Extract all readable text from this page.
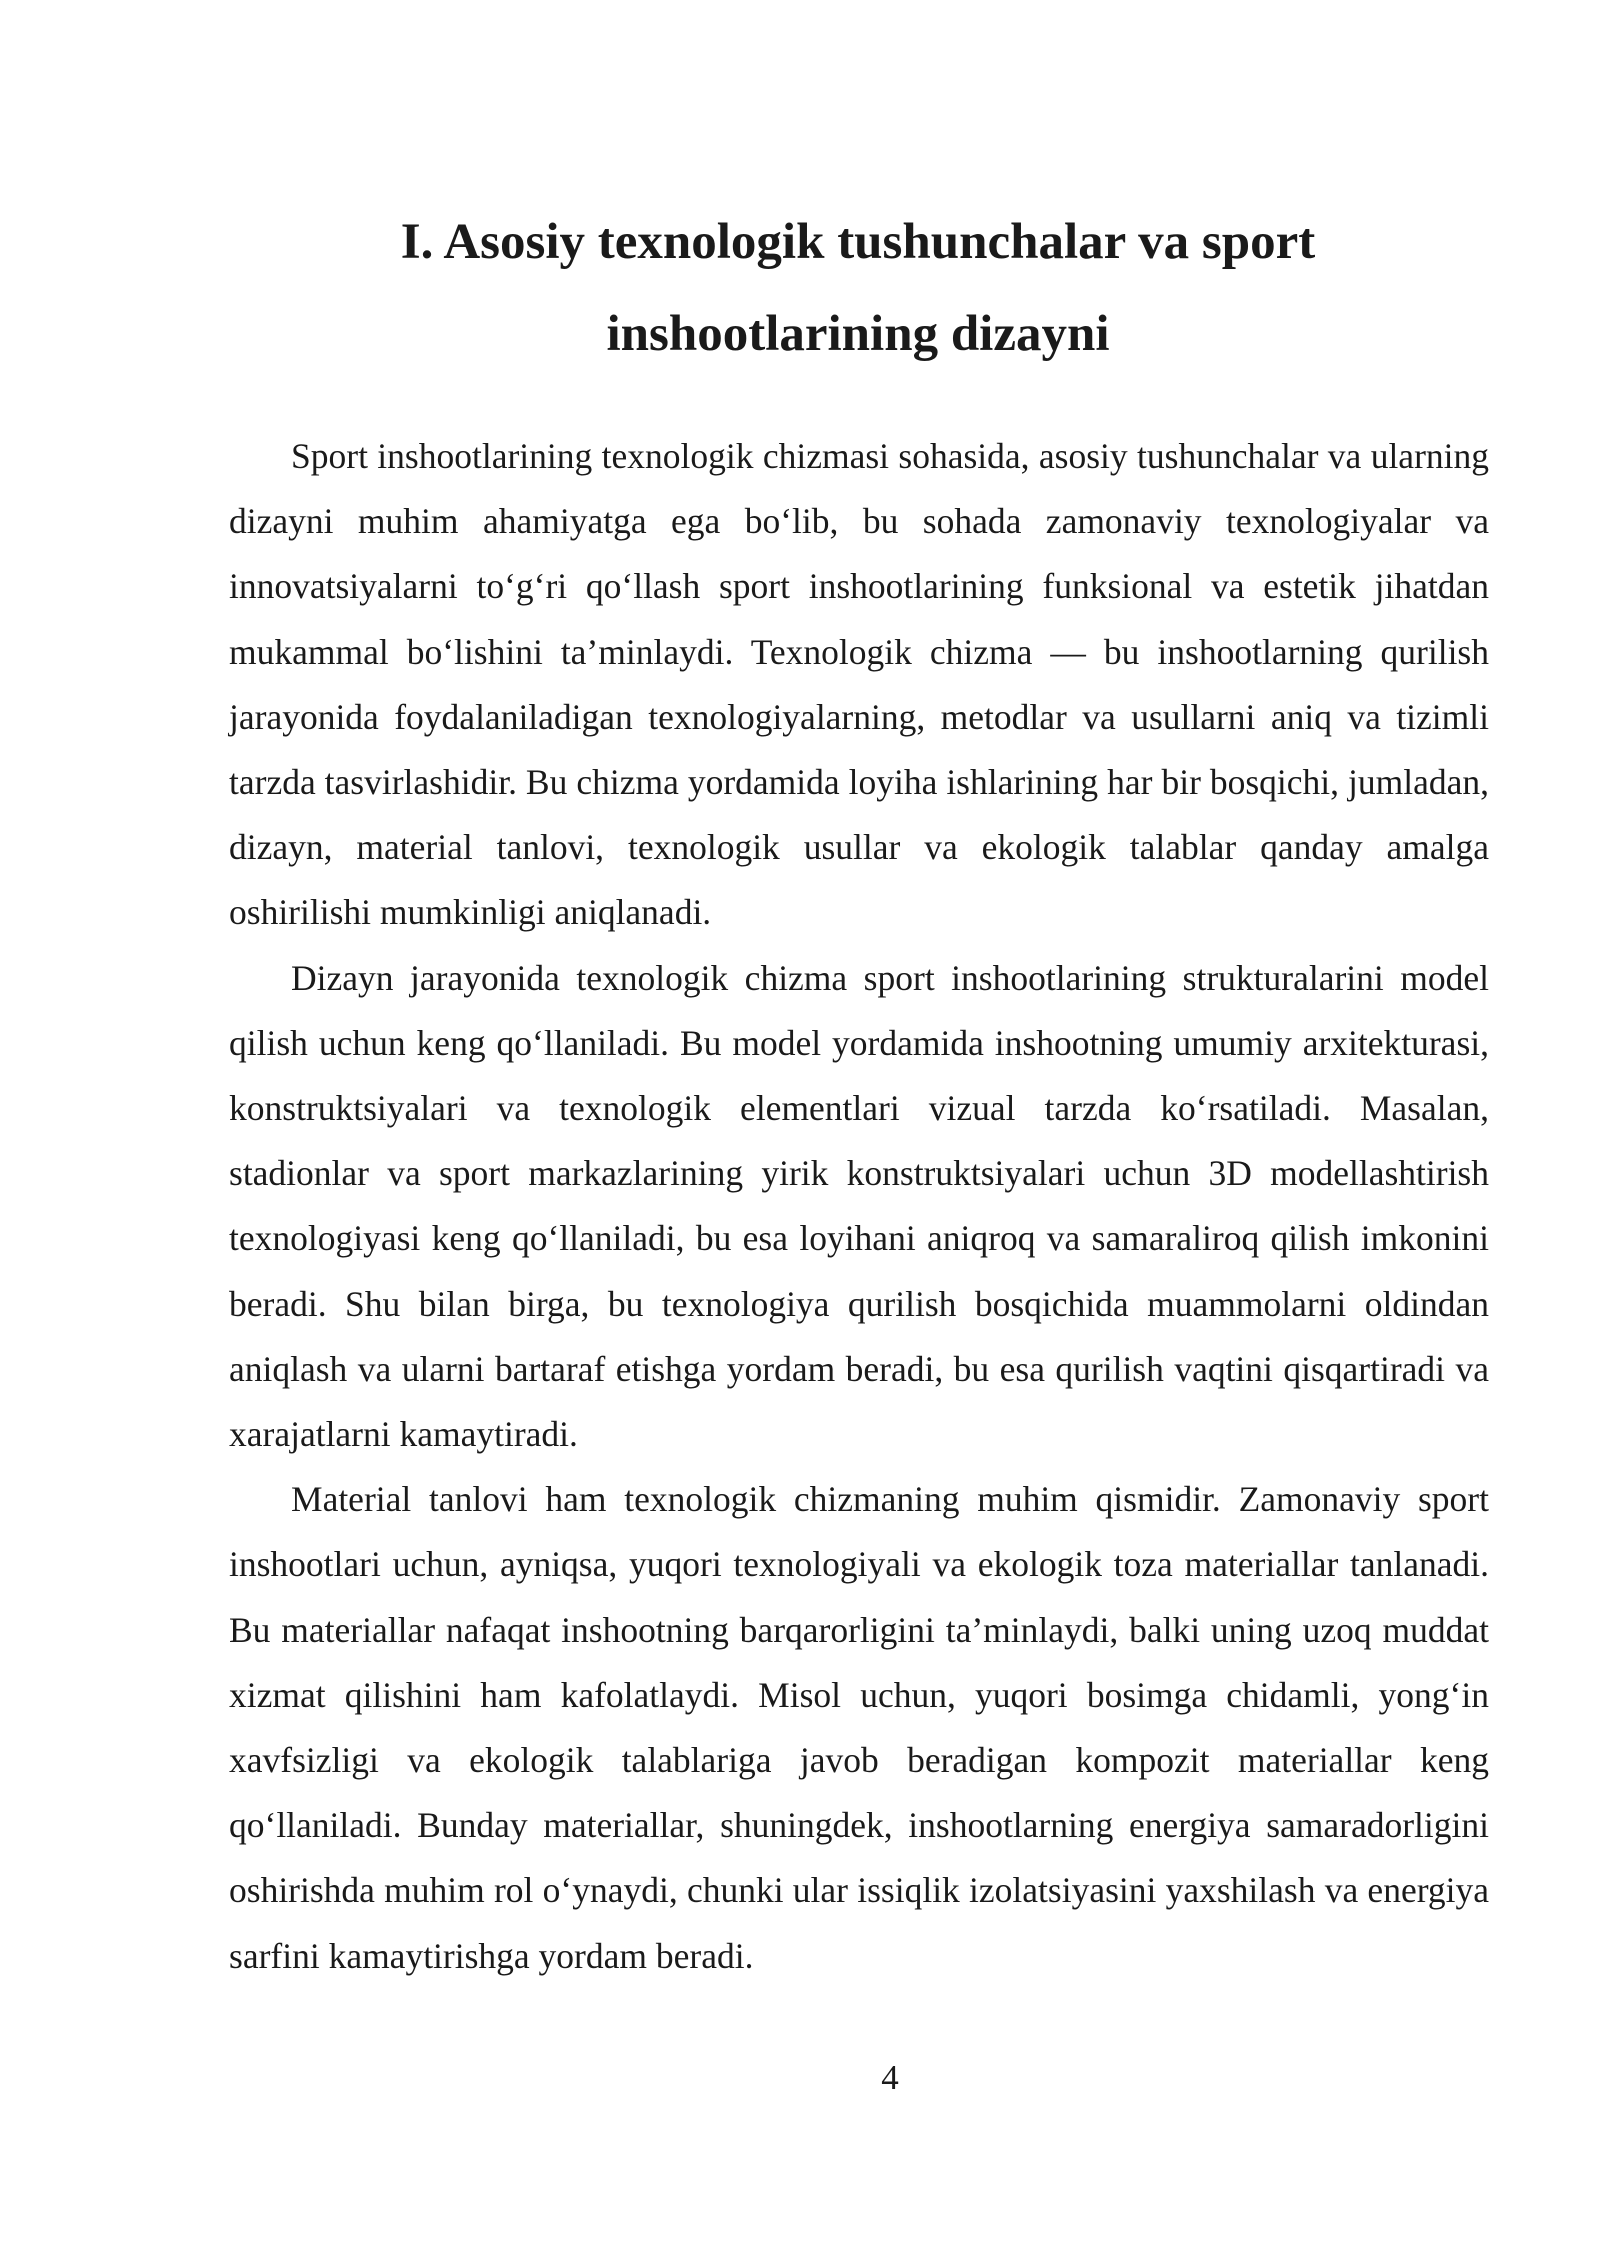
I. Asosiy texnologik tushunchalar va sport
inshootlarining dizayni

Sport inshootlarining texnologik chizmasi sohasida, asosiy tushunchalar va ularning dizayni muhim ahamiyatga ega bo‘lib, bu sohada zamonaviy texnologiyalar va innovatsiyalarni to‘g‘ri qo‘llash sport inshootlarining funksional va estetik jihatdan mukammal bo‘lishini ta’minlaydi. Texnologik chizma — bu inshootlarning qurilish jarayonida foydalaniladigan texnologiyalarning, metodlar va usullarni aniq va tizimli tarzda tasvirlashidir. Bu chizma yordamida loyiha ishlarining har bir bosqichi, jumladan, dizayn, material tanlovi, texnologik usullar va ekologik talablar qanday amalga oshirilishi mumkinligi aniqlanadi.

Dizayn jarayonida texnologik chizma sport inshootlarining strukturalarini model qilish uchun keng qo‘llaniladi. Bu model yordamida inshootning umumiy arxitekturasi, konstruktsiyalari va texnologik elementlari vizual tarzda ko‘rsatiladi. Masalan, stadionlar va sport markazlarining yirik konstruktsiyalari uchun 3D modellashtirish texnologiyasi keng qo‘llaniladi, bu esa loyihani aniqroq va samaraliroq qilish imkonini beradi. Shu bilan birga, bu texnologiya qurilish bosqichida muammolarni oldindan aniqlash va ularni bartaraf etishga yordam beradi, bu esa qurilish vaqtini qisqartiradi va xarajatlarni kamaytiradi.

Material tanlovi ham texnologik chizmaning muhim qismidir. Zamonaviy sport inshootlari uchun, ayniqsa, yuqori texnologiyali va ekologik toza materiallar tanlanadi. Bu materiallar nafaqat inshootning barqarorligini ta’minlaydi, balki uning uzoq muddat xizmat qilishini ham kafolatlaydi. Misol uchun, yuqori bosimga chidamli, yong‘in xavfsizligi va ekologik talablariga javob beradigan kompozit materiallar keng qo‘llaniladi. Bunday materiallar, shuningdek, inshootlarning energiya samaradorligini oshirishda muhim rol o‘ynaydi, chunki ular issiqlik izolatsiyasini yaxshilash va energiya sarfini kamaytirishga yordam beradi.

4
